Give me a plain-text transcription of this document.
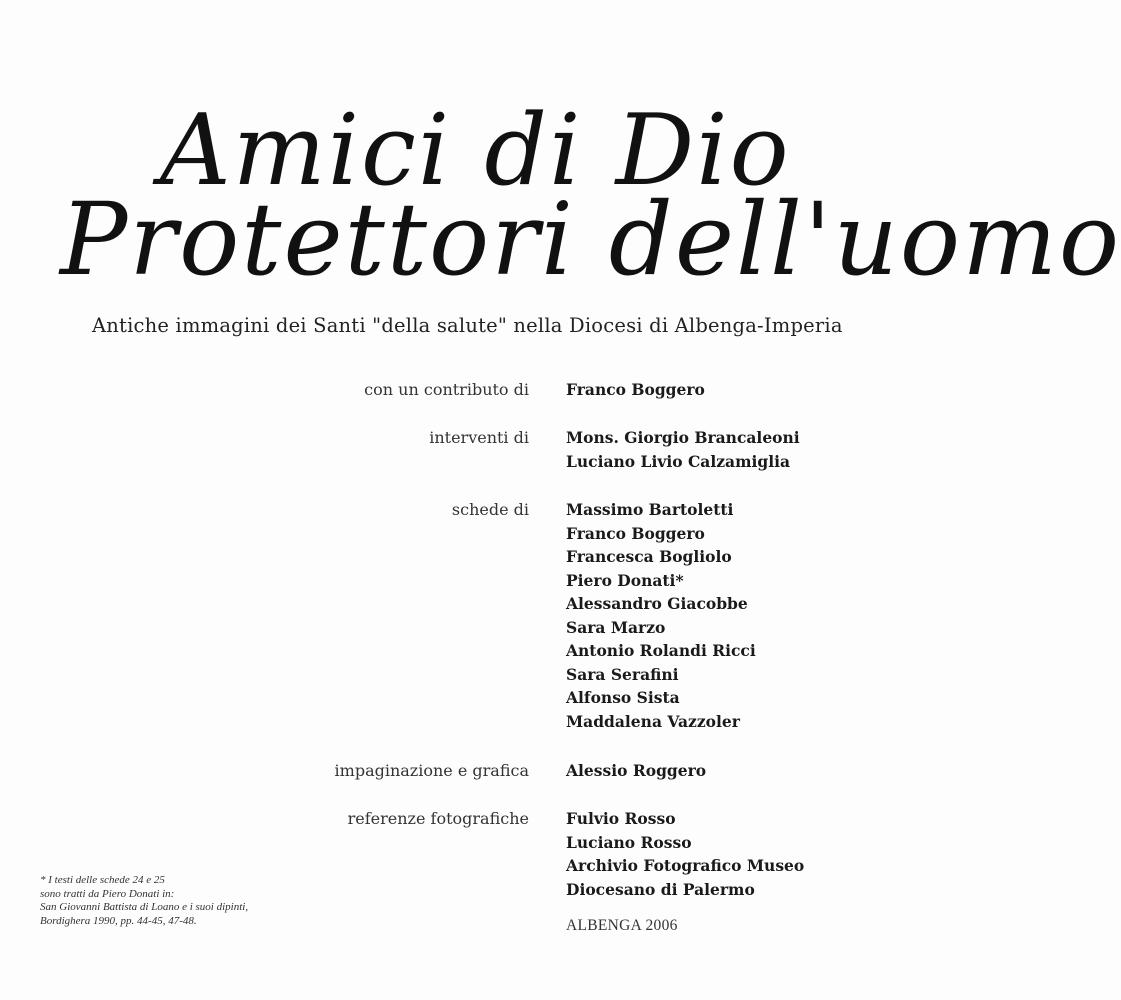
Amici di Dio
Protettori dell'uomo
Antiche immagini dei Santi "della salute" nella Diocesi di Albenga-Imperia
con un contributo di Franco Boggero
interventi di Mons. Giorgio Brancaleoni
Luciano Livio Calzamiglia
schede di Massimo Bartoletti
Franco Boggero
Francesca Bogliolo
Piero Donati*
Alessandro Giacobbe
Sara Marzo
Antonio Rolandi Ricci
Sara Serafini
Alfonso Sista
Maddalena Vazzoler
impaginazione e grafica Alessio Roggero
referenze fotografiche Fulvio Rosso
Luciano Rosso
Archivio Fotografico Museo
Diocesano di Palermo
* I testi delle schede 24 e 25
sono tratti da Piero Donati in:
San Giovanni Battista di Loano e i suoi dipinti,
Bordighera 1990, pp. 44-45, 47-48.	ALBENGA 2006
